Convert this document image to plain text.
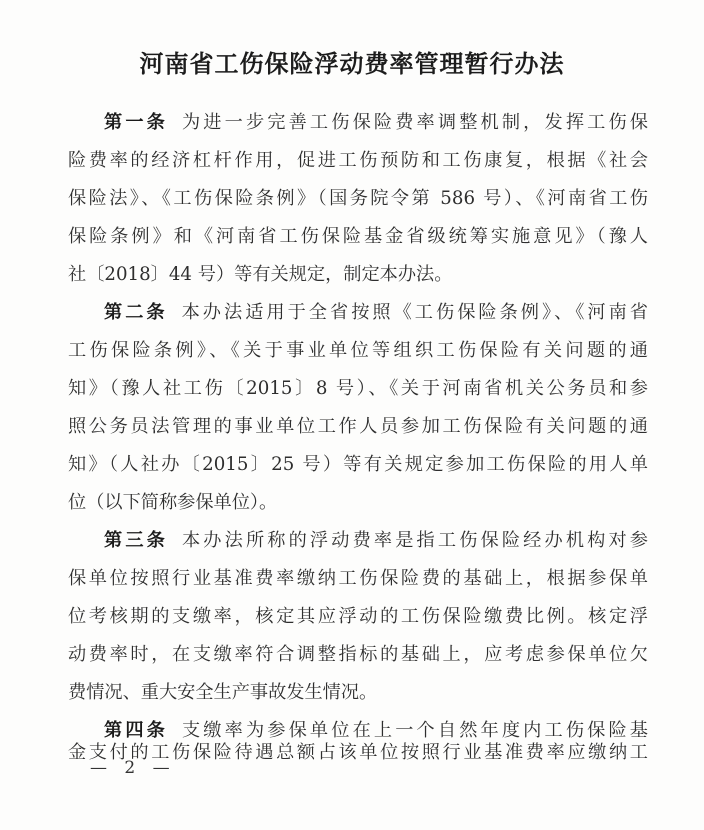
河南省工伤保险浮动费率管理暂行办法
第一条 为进一步完善工伤保险费率调整机制，发挥工伤保
险费率的经济杠杆作用，促进工伤预防和工伤康复，根据《社会
保险法》、《工伤保险条例》（国务院令第 586 号）、《河南省工伤
保险条例》和《河南省工伤保险基金省级统筹实施意见》（豫人
社〔2018〕44 号）等有关规定，制定本办法。
第二条 本办法适用于全省按照《工伤保险条例》、《河南省
工伤保险条例》、《关于事业单位等组织工伤保险有关问题的通
知》（豫人社工伤〔2015〕8 号）、《关于河南省机关公务员和参
照公务员法管理的事业单位工作人员参加工伤保险有关问题的通
知》（人社办〔2015〕25 号）等有关规定参加工伤保险的用人单
位（以下简称参保单位）。
第三条 本办法所称的浮动费率是指工伤保险经办机构对参
保单位按照行业基准费率缴纳工伤保险费的基础上，根据参保单
位考核期的支缴率，核定其应浮动的工伤保险缴费比例。核定浮
动费率时，在支缴率符合调整指标的基础上，应考虑参保单位欠
费情况、重大安全生产事故发生情况。
第四条 支缴率为参保单位在上一个自然年度内工伤保险基
金支付的工伤保险待遇总额占该单位按照行业基准费率应缴纳工
— 2 —
